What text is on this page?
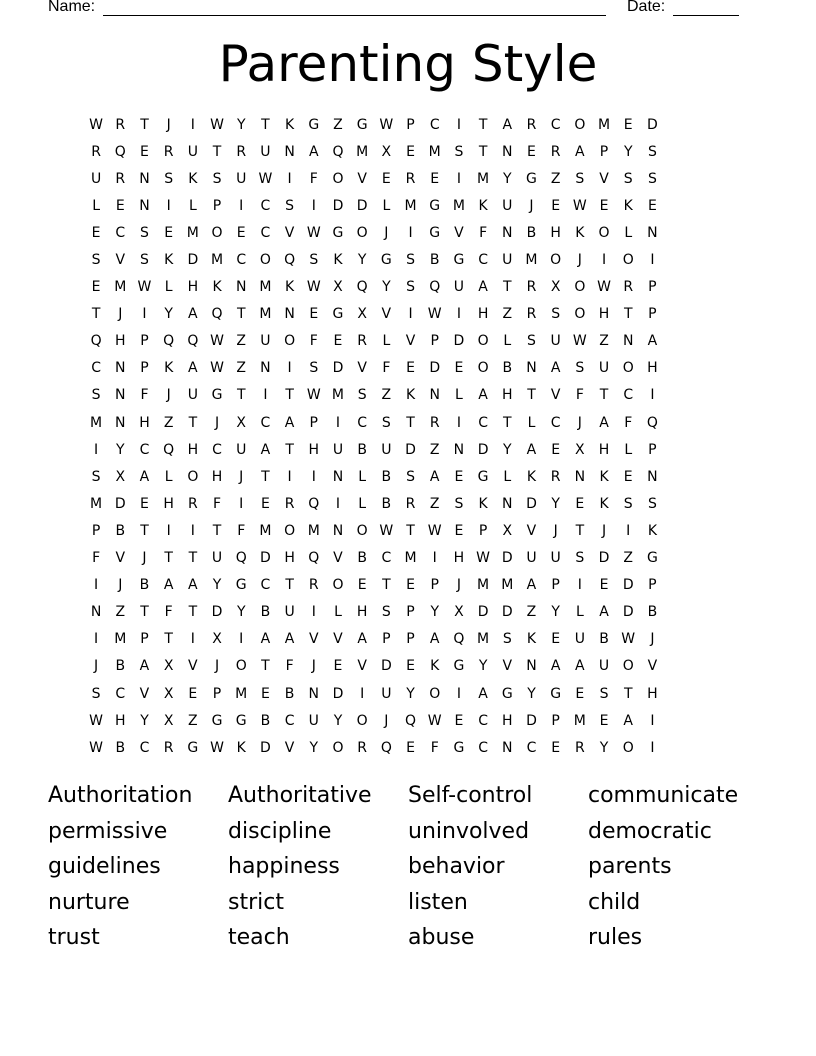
Name:	Date:
Parenting Style
W R	T	J	I	W Y	T	K	G Z G W P	C	I	T	A	R	C O M E	D
R Q	E	R	U	T	R	U N	A Q M X	E M S	T	N	E	R	A	P	Y	S
U	R	N	S	K	S	U W	I	F	O V	E	R	E	I	M Y	G Z	S	V	S	S
L	E	N	I	L	P	I	C	S	I	D D	L	M G M K	U	J	E W E	K	E
E	C	S	E M O	E	C	V W G O	J	I	G V	F	N	B	H	K	O	L	N
S	V	S	K	D M C O Q	S	K	Y	G	S	B G C	U M O	J	I	O	I
E M W L	H	K	N M K W X Q	Y	S	Q U	A	T	R	X O W R	P
T	J	I	Y	A Q	T M N	E	G X	V	I	W	I	H	Z	R	S	O H	T	P
Q H	P	Q Q W Z	U O	F	E	R	L	V	P	D O	L	S	U W Z	N	A
C	N	P	K	A W Z	N	I	S	D	V	F	E	D	E	O B	N	A	S	U O H
S	N	F	J	U G	T	I	T W M S	Z	K	N	L	A	H	T	V	F	T	C	I
M N H	Z	T	J	X	C	A	P	I	C	S	T	R	I	C	T	L	C	J	A	F	Q
I	Y	C Q H	C	U	A	T	H U	B	U D	Z	N D	Y	A	E	X	H	L	P
S	X	A	L	O H	J	T	I	I	N	L	B	S	A	E	G	L	K	R	N	K	E	N
M D	E	H	R	F	I	E	R Q	I	L	B	R	Z	S	K	N D	Y	E	K	S	S
P	B	T	I	I	T	F	M O M N O W T W E	P	X	V	J	T	J	I	K
F	V	J	T	T	U Q D H Q V	B	C M	I	H W D U U	S	D	Z G
I	J	B	A	A	Y	G C	T	R O	E	T	E	P	J	M M A	P	I	E	D	P
N	Z	T	F	T	D	Y	B	U	I	L	H	S	P	Y	X	D D	Z	Y	L	A	D B
I	M P	T	I	X	I	A	A	V	V	A	P	P	A Q M S	K	E	U	B W	J
J	B	A	X	V	J	O	T	F	J	E	V	D	E	K	G	Y	V	N	A	A	U O V
S	C	V	X	E	P M E	B	N D	I	U	Y	O	I	A G	Y	G	E	S	T	H
W H	Y	X	Z G G B	C	U	Y	O	J	Q W E	C	H D	P M E	A	I
W B	C	R G W K	D	V	Y	O R Q	E	F	G C	N	C	E	R	Y	O	I
Authoritation	Authoritative	Self-control	communicate
permissive	discipline	uninvolved	democratic
guidelines	happiness	behavior	parents
nurture	strict	listen	child
trust	teach	abuse	rules
